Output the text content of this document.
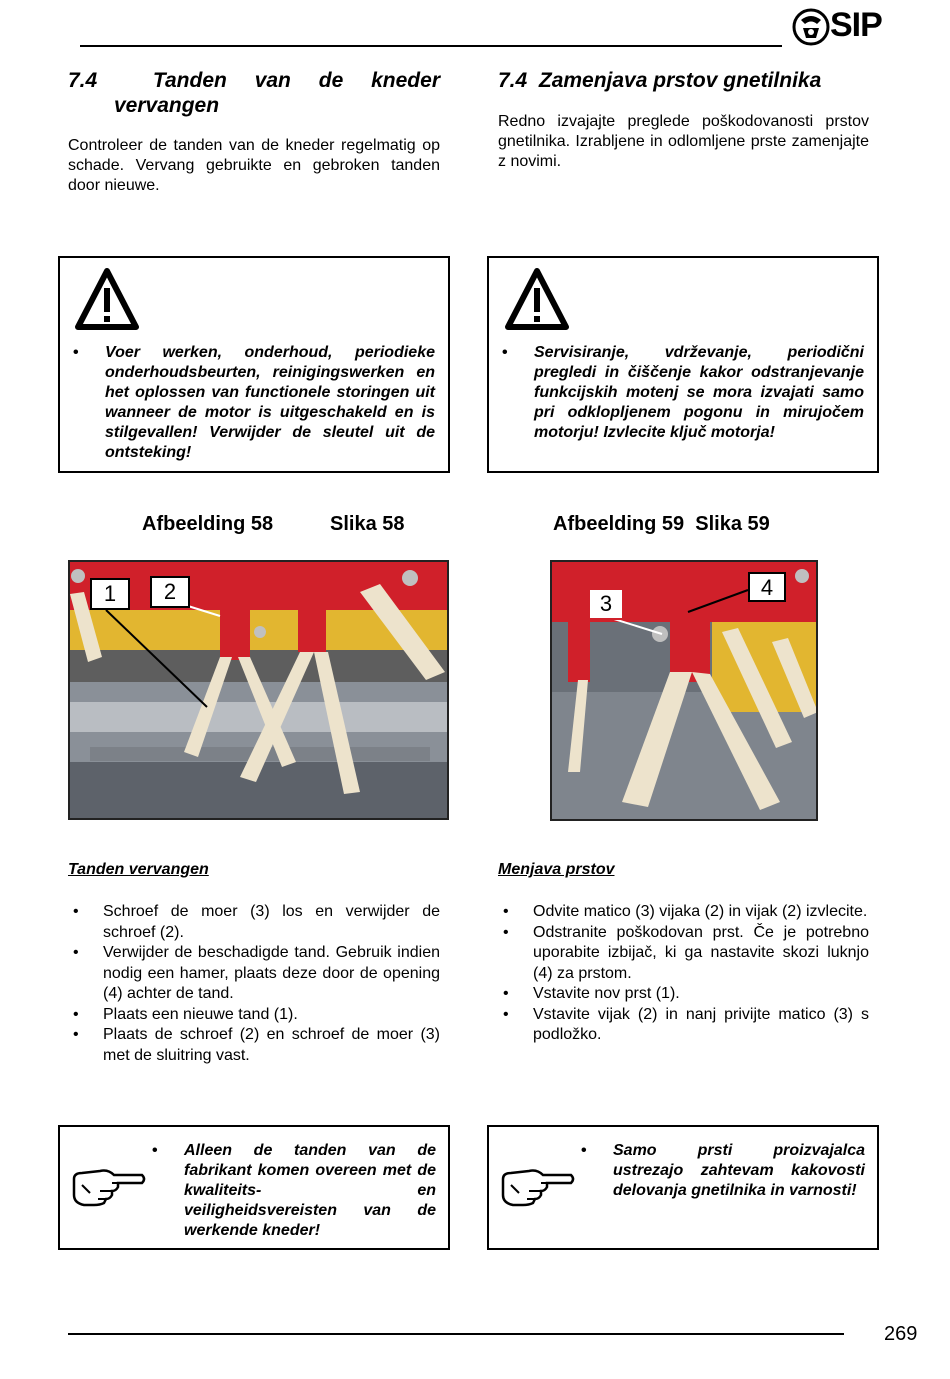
SIP
7.4  Tanden van de kneder
vervangen
Controleer de tanden van de kneder regelmatig op schade. Vervang gebruikte en gebroken tanden door nieuwe.
• Voer werken, onderhoud, periodieke onderhoudsbeurten, reinigingswerken en het oplossen van functionele storingen uit wanneer de motor is uitgeschakeld en is stilgevallen! Verwijder de sleutel uit de ontsteking!
Afbeelding 58	Slika 58
1	2
Tanden vervangen
• Schroef de moer (3) los en verwijder de schroef (2).
• Verwijder de beschadigde tand. Gebruik indien nodig een hamer, plaats deze door de opening (4) achter de tand.
• Plaats een nieuwe tand (1).
• Plaats de schroef (2) en schroef de moer (3) met de sluitring vast.
• Alleen de tanden van de fabrikant komen overeen met de kwaliteits- en veiligheidsvereisten van de werkende kneder!
7.4  Zamenjava prstov gnetilnika
Redno izvajajte preglede poškodovanosti prstov gnetilnika. Izrabljene in odlomljene prste zamenjajte z novimi.
• Servisiranje, vdrževanje, periodični pregledi in čiščenje kakor odstranjevanje funkcijskih motenj se mora izvajati samo pri odklopljenem pogonu in mirujočem motorju! Izvlecite ključ motorja!
Afbeelding 59  Slika 59
3
4
Menjava prstov
• Odvite matico (3) vijaka (2) in vijak (2) izvlecite.
• Odstranite poškodovan prst. Če je potrebno uporabite izbijač, ki ga nastavite skozi luknjo (4) za prstom.
• Vstavite nov prst (1).
• Vstavite vijak (2) in nanj privijte matico (3) s podložko.
• Samo prsti proizvajalca ustrezajo zahtevam kakovosti delovanja gnetilnika in varnosti!
269
